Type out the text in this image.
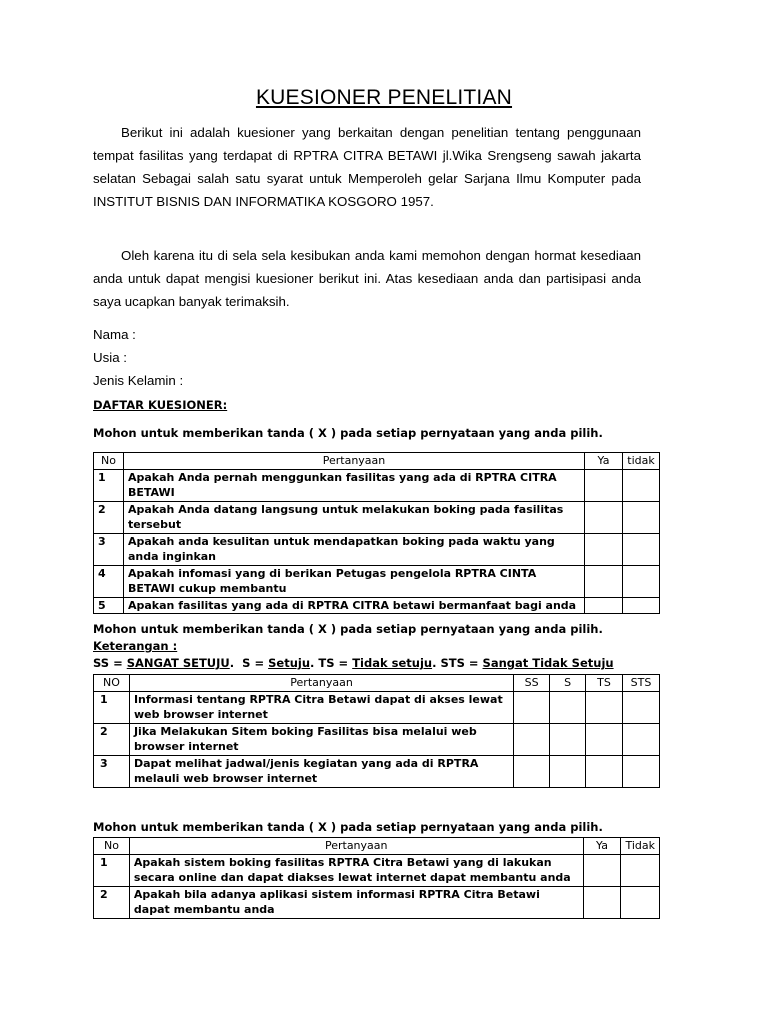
KUESIONER PENELITIAN

Berikut ini adalah kuesioner yang berkaitan dengan penelitian tentang penggunaan tempat fasilitas yang terdapat di RPTRA CITRA BETAWI jl.Wika Srengseng sawah jakarta selatan Sebagai salah satu syarat untuk Memperoleh gelar Sarjana Ilmu Komputer pada INSTITUT BISNIS DAN INFORMATIKA KOSGORO 1957.

Oleh karena itu di sela sela kesibukan anda kami memohon dengan hormat kesediaan anda untuk dapat mengisi kuesioner berikut ini. Atas kesediaan anda dan partisipasi anda saya ucapkan banyak terimaksih.

Nama :
Usia :
Jenis Kelamin :
DAFTAR KUESIONER:
Mohon untuk memberikan tanda ( X ) pada setiap pernyataan yang anda pilih.
No	Pertanyaan	Ya	tidak
1	Apakah Anda pernah menggunkan fasilitas yang ada di RPTRA CITRA BETAWI		
2	Apakah Anda datang langsung untuk melakukan boking pada fasilitas tersebut		
3	Apakah anda kesulitan untuk mendapatkan boking pada waktu yang anda inginkan		
4	Apakah infomasi yang di berikan Petugas pengelola RPTRA CINTA BETAWI cukup membantu		
5	Apakan fasilitas yang ada di RPTRA CITRA betawi bermanfaat bagi anda		
Mohon untuk memberikan tanda ( X ) pada setiap pernyataan yang anda pilih.
Keterangan :
SS = SANGAT SETUJU.  S = Setuju. TS = Tidak setuju. STS = Sangat Tidak Setuju
NO	Pertanyaan	SS	S	TS	STS
1	Informasi tentang RPTRA Citra Betawi dapat di akses lewat web browser internet				
2	Jika Melakukan Sitem boking Fasilitas bisa melalui web browser internet				
3	Dapat melihat jadwal/jenis kegiatan yang ada di RPTRA melauli web browser internet				
Mohon untuk memberikan tanda ( X ) pada setiap pernyataan yang anda pilih.
No	Pertanyaan	Ya	Tidak
1	Apakah sistem boking fasilitas RPTRA Citra Betawi yang di lakukan secara online dan dapat diakses lewat internet dapat membantu anda		
2	Apakah bila adanya aplikasi sistem informasi RPTRA Citra Betawi dapat membantu anda		
